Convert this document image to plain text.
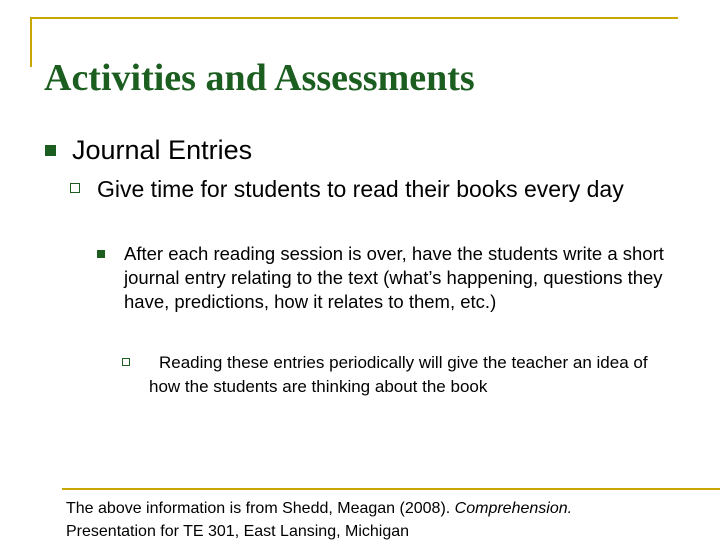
Activities and Assessments

Journal Entries

Give time for students to read their books every day

After each reading session is over, have the students write a short journal entry relating to the text (what’s happening, questions they have, predictions, how it relates to them, etc.)

Reading these entries periodically will give the teacher an idea of how the students are thinking about the book

The above information is from Shedd, Meagan (2008). Comprehension.
Presentation for TE 301, East Lansing, Michigan
